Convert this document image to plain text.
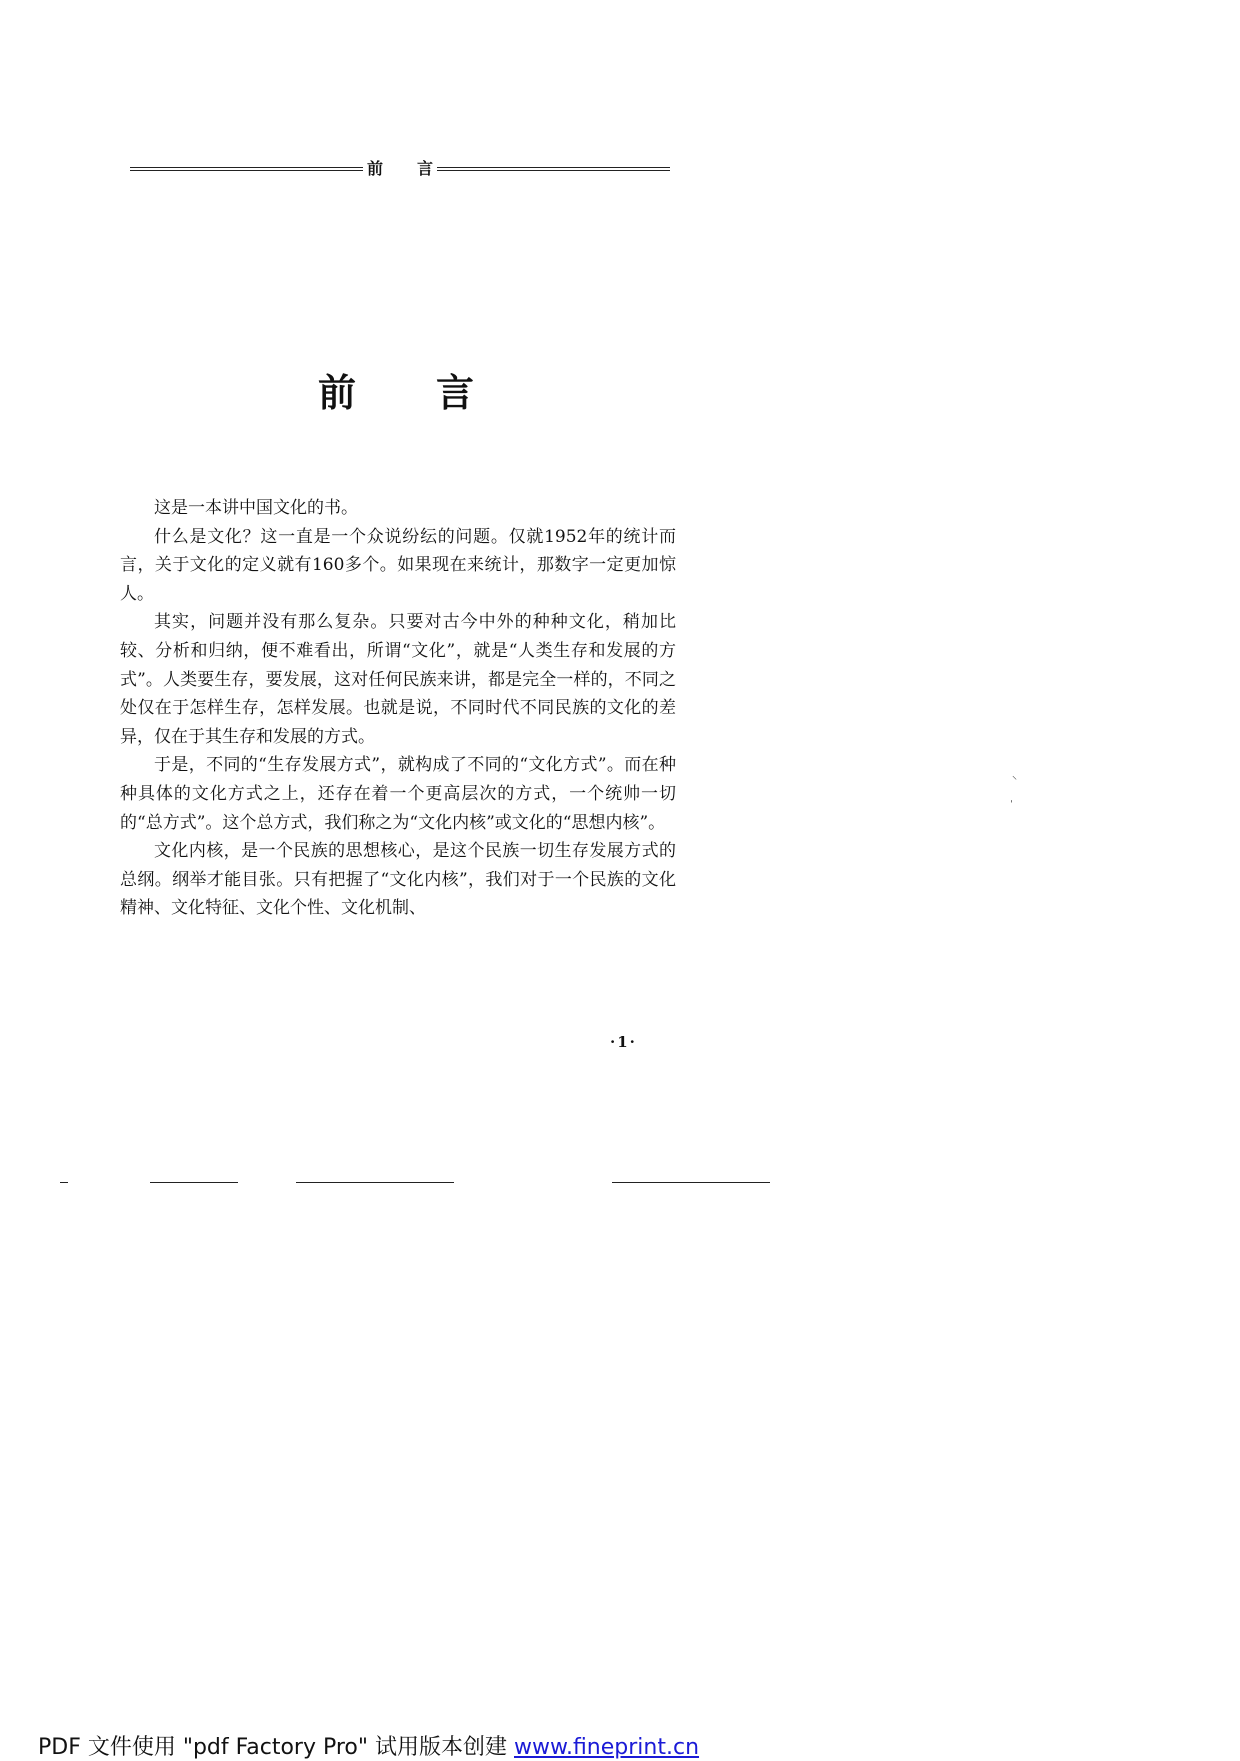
前言
前言

这是一本讲中国文化的书。

什么是文化？这一直是一个众说纷纭的问题。仅就1952年的统计而言，关于文化的定义就有160多个。如果现在来统计，那数字一定更加惊人。

其实，问题并没有那么复杂。只要对古今中外的种种文化，稍加比较、分析和归纳，便不难看出，所谓“文化”，就是“人类生存和发展的方式”。人类要生存，要发展，这对任何民族来讲，都是完全一样的，不同之处仅在于怎样生存，怎样发展。也就是说，不同时代不同民族的文化的差异，仅在于其生存和发展的方式。

于是，不同的“生存发展方式”，就构成了不同的“文化方式”。而在种种具体的文化方式之上，还存在着一个更高层次的方式，一个统帅一切的“总方式”。这个总方式，我们称之为“文化内核”或文化的“思想内核”。

文化内核，是一个民族的思想核心，是这个民族一切生存发展方式的总纲。纲举才能目张。只有把握了“文化内核”，我们对于一个民族的文化精神、文化特征、文化个性、文化机制、

·1·
⸌
ˈ
PDF 文件使用 "pdf Factory Pro" 试用版本创建 www.fineprint.cn
